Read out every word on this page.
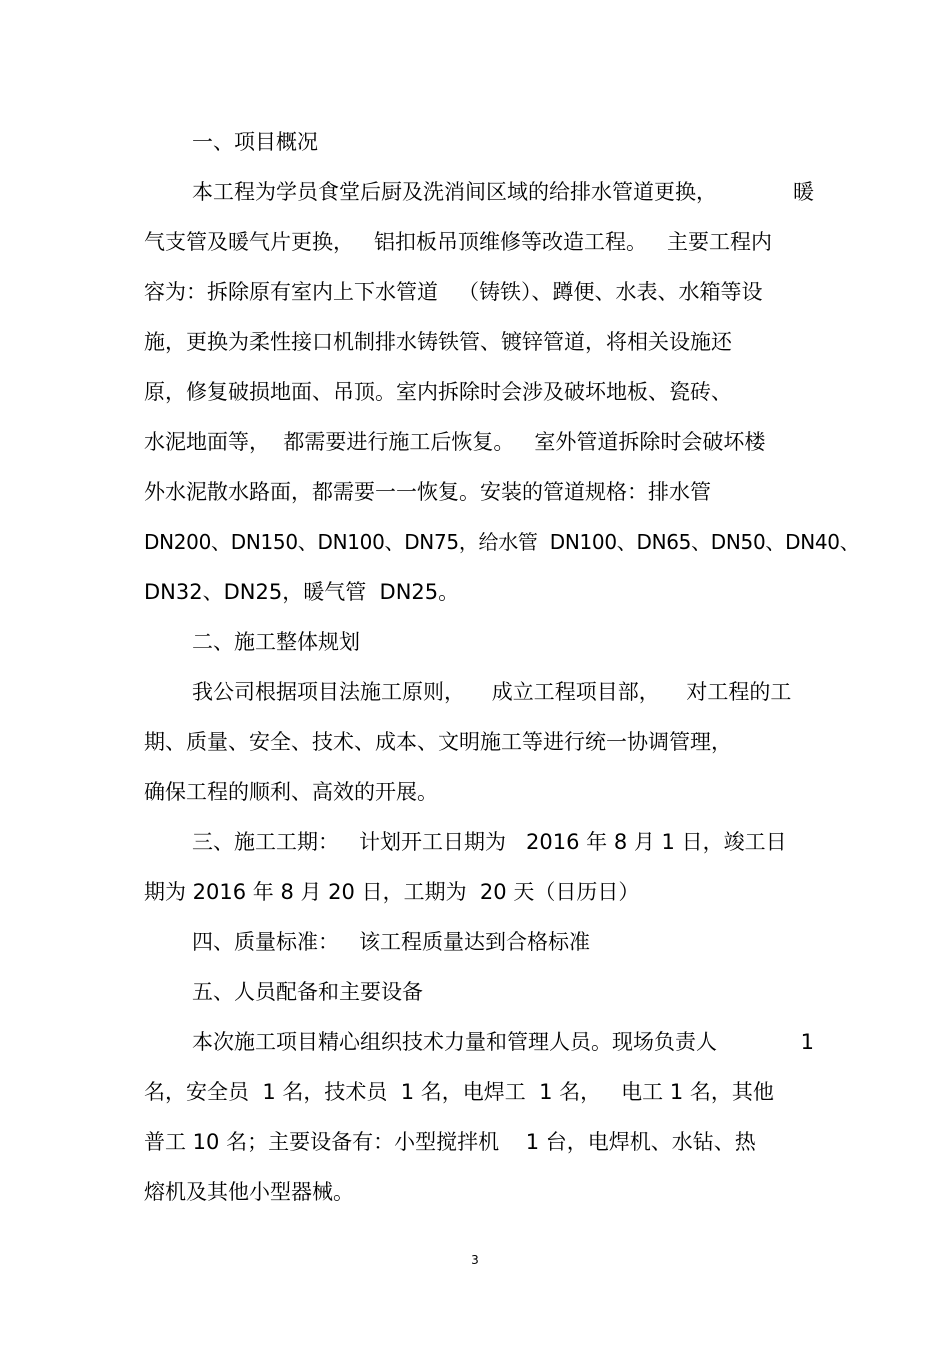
一、项目概况
本工程为学员食堂后厨及洗消间区域的给排水管道更换，	暖
气支管及暖气片更换，   铝扣板吊顶维修等改造工程。   主要工程内
容为：拆除原有室内上下水管道   （铸铁）、蹲便、水表、水箱等设
施，更换为柔性接口机制排水铸铁管、镀锌管道，将相关设施还
原，修复破损地面、吊顶。室内拆除时会涉及破坏地板、瓷砖、
水泥地面等，  都需要进行施工后恢复。   室外管道拆除时会破坏楼
外水泥散水路面，都需要一一恢复。安装的管道规格：排水管
DN200、DN150、DN100、DN75，给水管  DN100、DN65、DN50、DN40、
DN32、DN25，暖气管  DN25。
二、施工整体规划
我公司根据项目法施工原则，    成立工程项目部，    对工程的工
期、质量、安全、技术、成本、文明施工等进行统一协调管理，
确保工程的顺利、高效的开展。
三、施工工期：   计划开工日期为   2016 年 8 月 1 日，竣工日
期为 2016 年 8 月 20 日，工期为  20 天（日历日）
四、质量标准：   该工程质量达到合格标准
五、人员配备和主要设备
本次施工项目精心组织技术力量和管理人员。现场负责人	1
名，安全员  1 名，技术员  1 名，电焊工  1 名，   电工 1 名，其他
普工 10 名；主要设备有：小型搅拌机    1 台，电焊机、水钻、热
熔机及其他小型器械。
3
